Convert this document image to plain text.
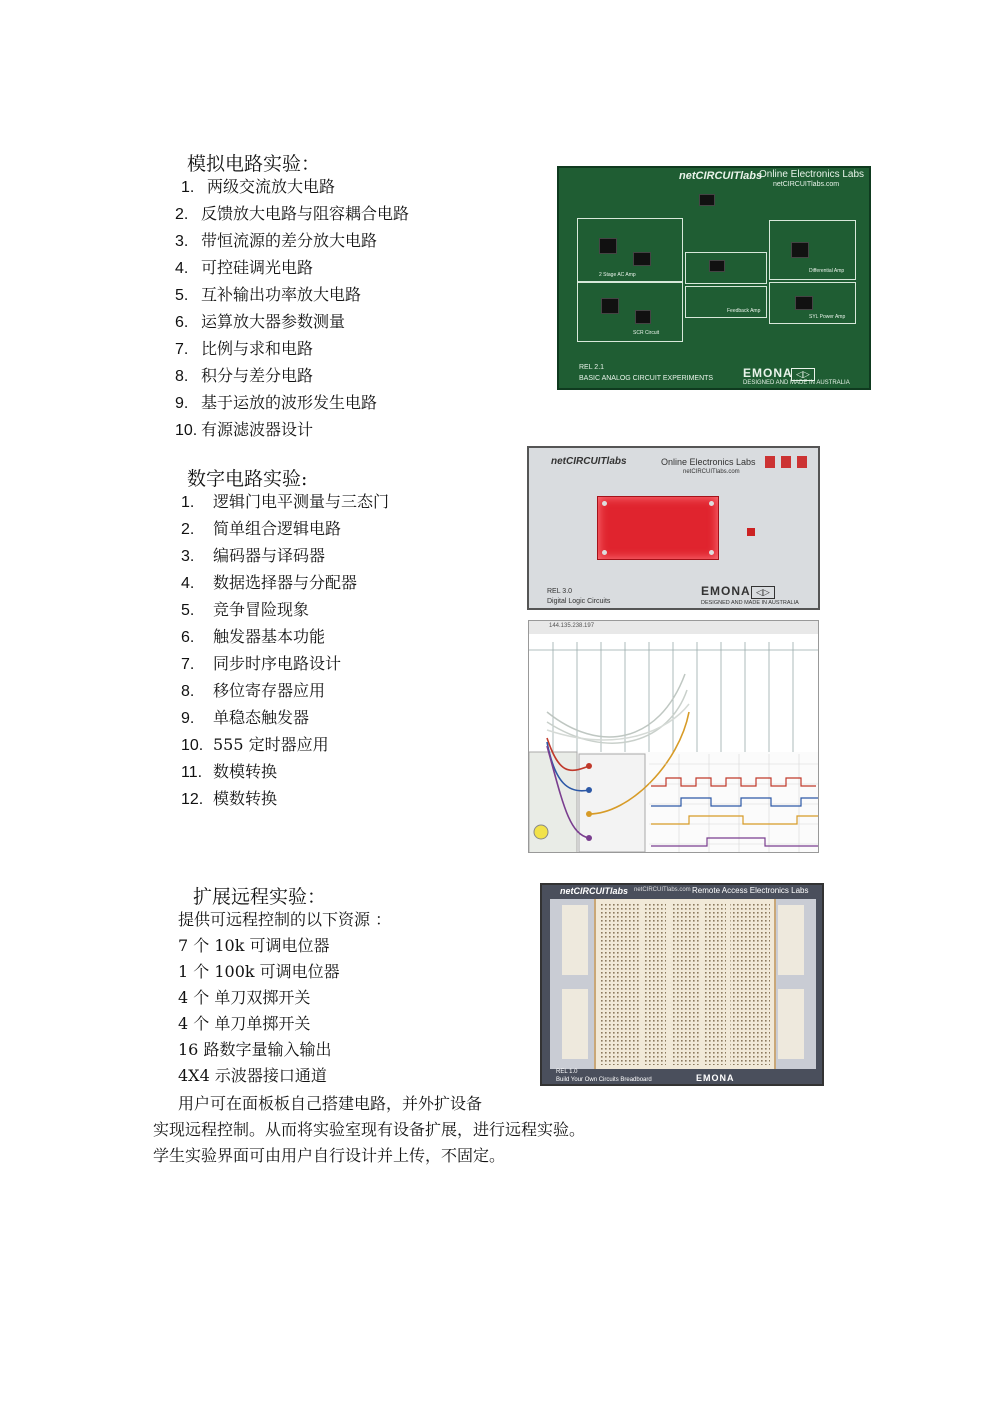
模拟电路实验：
1. 两级交流放大电路
2. 反馈放大电路与阻容耦合电路
3. 带恒流源的差分放大电路
4. 可控硅调光电路
5. 互补输出功率放大电路
6. 运算放大器参数测量
7. 比例与求和电路
8. 积分与差分电路
9. 基于运放的波形发生电路
10. 有源滤波器设计
netCIRCUITlabs
Online Electronics Labs
netCIRCUITlabs.com
2 Stage AC Amp
Differential Amp
Feedback Amp
SCR Circuit
SYL Power Amp
REL 2.1
BASIC ANALOG CIRCUIT EXPERIMENTS EMONA ◁▷
DESIGNED AND MADE IN AUSTRALIA
数字电路实验:
1. 逻辑门电平测量与三态门
2. 简单组合逻辑电路
3. 编码器与译码器
4. 数据选择器与分配器
5. 竞争冒险现象
6. 触发器基本功能
7. 同步时序电路设计
8. 移位寄存器应用
9. 单稳态触发器
10. 555 定时器应用
11. 数模转换
12. 模数转换
netCIRCUITlabs	Online Electronics Labs
netCIRCUITlabs.com
REL 3.0
Digital Logic Circuits
EMONA ◁▷
DESIGNED AND MADE IN AUSTRALIA
144.135.238.197
扩展远程实验：
提供可远程控制的以下资源 ：
7 个 10k 可调电位器
1 个 100k 可调电位器
4 个 单刀双掷开关
4 个 单刀单掷开关
16 路数字量输入输出
4X4 示波器接口通道
用户可在面板板自己搭建电路，并外扩设备
实现远程控制。从而将实验室现有设备扩展，进行远程实验。
学生实验界面可由用户自行设计并上传，不固定。
netCIRCUITlabs netCIRCUITlabs.com Remote Access Electronics Labs
REL 1.0
Build Your Own Circuits Breadboard	EMONA
